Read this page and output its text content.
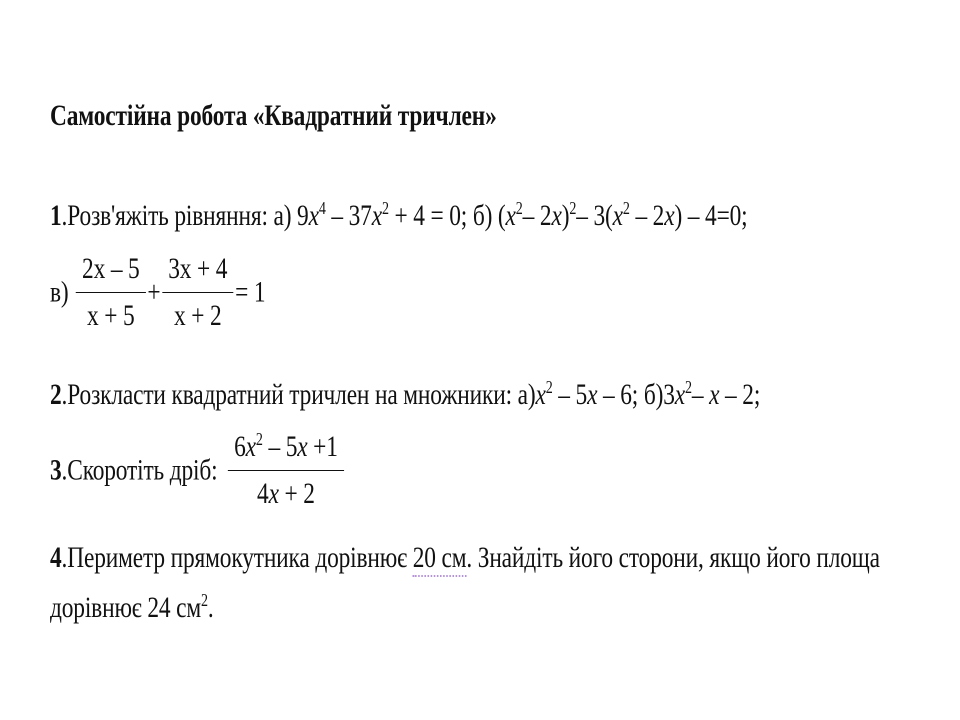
Самостійна робота «Квадратний тричлен»
1.Розв'яжіть рівняння: а) $9x^4 - 37x^2 + 4 = 0$; б) ($x^2-$ 2x)$^2$– $3(x^2 - 2x) - 4=0$;
$в) \frac{2x - 5}{x + 5} + \frac{3x + 4}{x + 2} = 1$
2.Розкласти квадратний тричлен на множники: $а)x^2 - 5x - 6$; $б)3x^2-$ x – 2;
3.Скоротіть дріб: $\frac{6x^2 - 5x +1}{4x + 2}$
4.Периметр прямокутника дорівнює 20 см. Знайдіть його сторони, якщо його площа
дорівнює 24 $см^2$.
